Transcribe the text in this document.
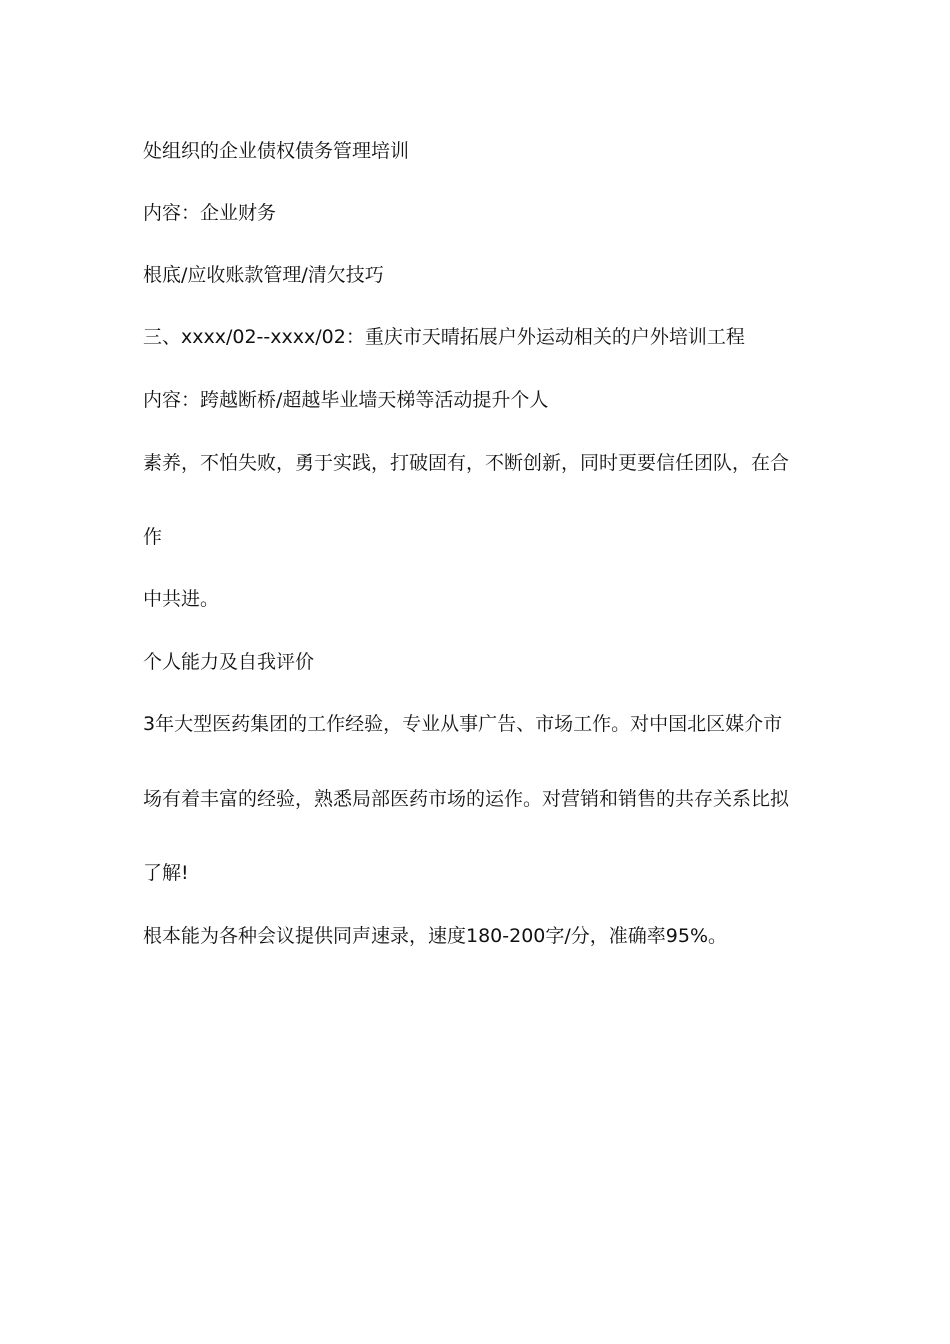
处组织的企业债权债务管理培训

内容：企业财务

根底/应收账款管理/清欠技巧

三、xxxx/02--xxxx/02：重庆市天晴拓展户外运动相关的户外培训工程

内容：跨越断桥/超越毕业墙天梯等活动提升个人

素养，不怕失败，勇于实践，打破固有，不断创新，同时更要信任团队，在合

作

中共进。

个人能力及自我评价

3年大型医药集团的工作经验，专业从事广告、市场工作。对中国北区媒介市

场有着丰富的经验，熟悉局部医药市场的运作。对营销和销售的共存关系比拟

了解!

根本能为各种会议提供同声速录，速度180-200字/分，准确率95%。
